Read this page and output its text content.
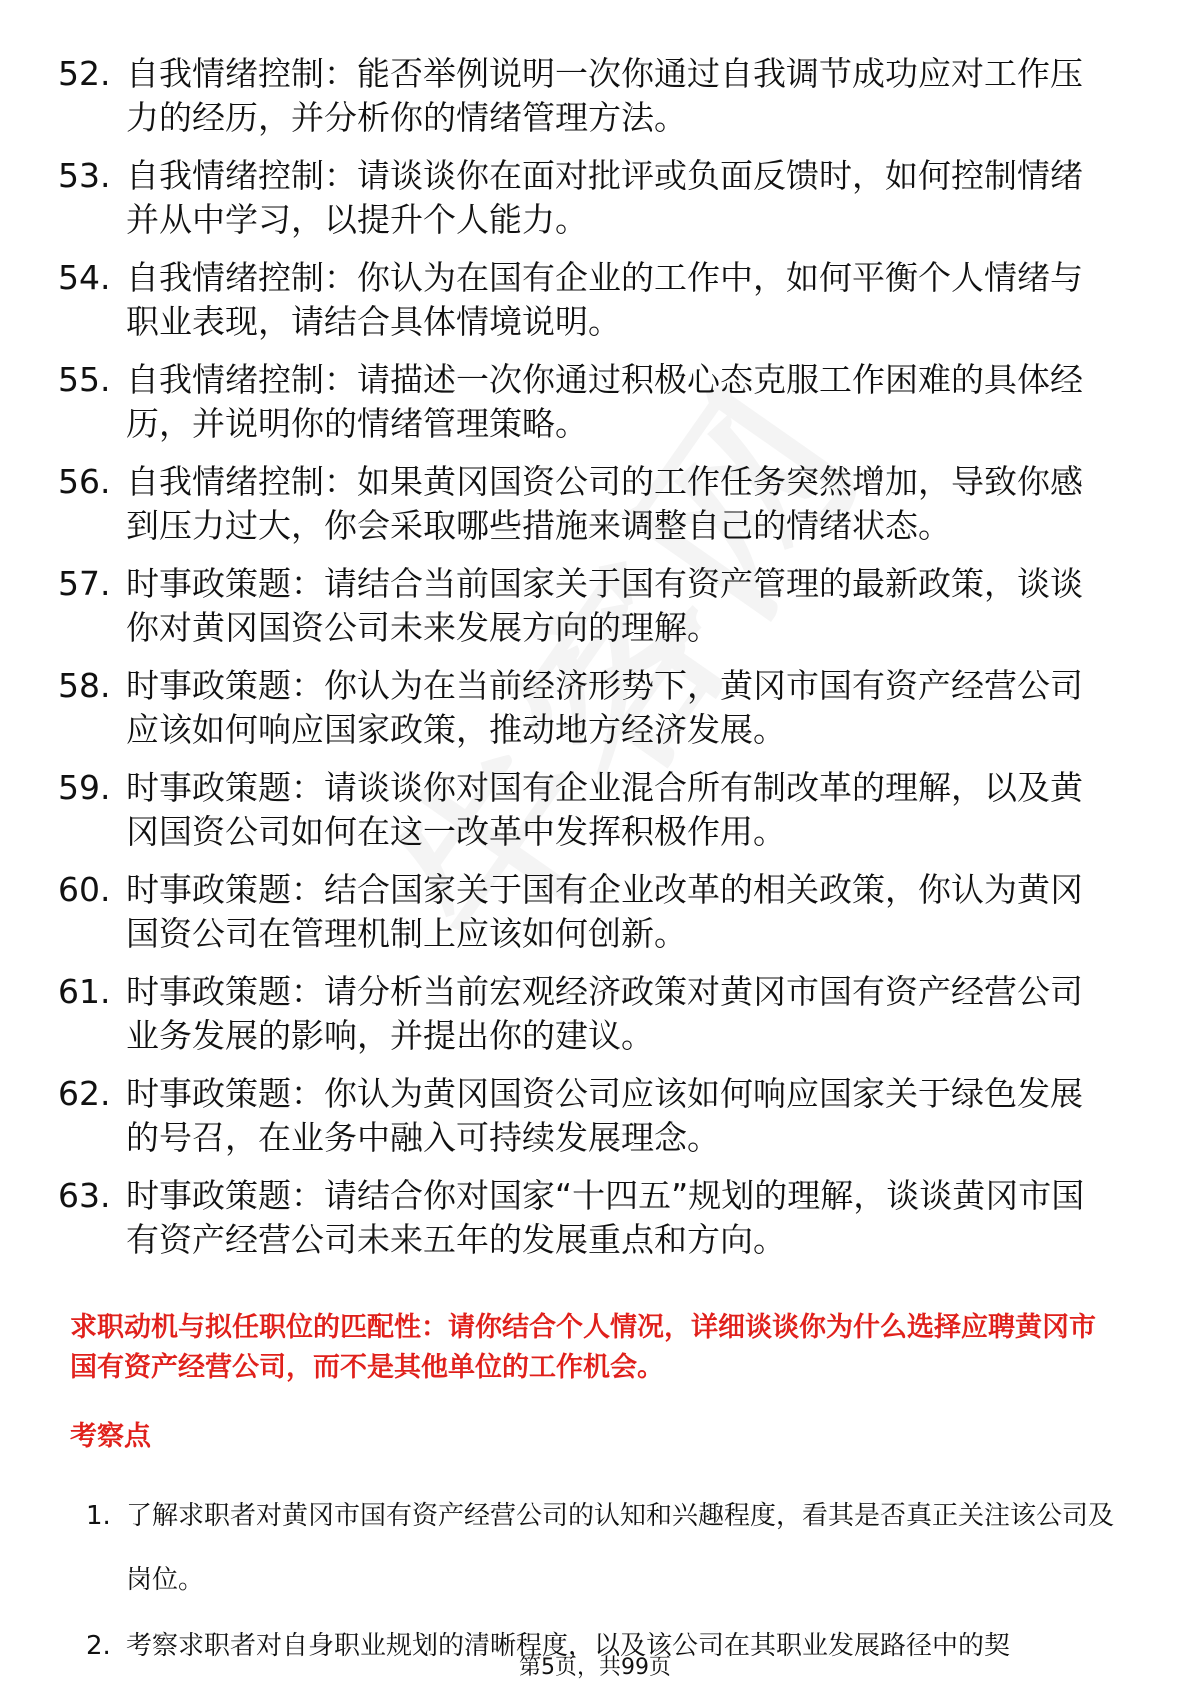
52. 自我情绪控制：能否举例说明一次你通过自我调节成功应对工作压力的经历，并分析你的情绪管理方法。
53. 自我情绪控制：请谈谈你在面对批评或负面反馈时，如何控制情绪并从中学习，以提升个人能力。
54. 自我情绪控制：你认为在国有企业的工作中，如何平衡个人情绪与职业表现，请结合具体情境说明。
55. 自我情绪控制：请描述一次你通过积极心态克服工作困难的具体经历，并说明你的情绪管理策略。
56. 自我情绪控制：如果黄冈国资公司的工作任务突然增加，导致你感到压力过大，你会采取哪些措施来调整自己的情绪状态。
57. 时事政策题：请结合当前国家关于国有资产管理的最新政策，谈谈你对黄冈国资公司未来发展方向的理解。
58. 时事政策题：你认为在当前经济形势下，黄冈市国有资产经营公司应该如何响应国家政策，推动地方经济发展。
59. 时事政策题：请谈谈你对国有企业混合所有制改革的理解，以及黄冈国资公司如何在这一改革中发挥积极作用。
60. 时事政策题：结合国家关于国有企业改革的相关政策，你认为黄冈国资公司在管理机制上应该如何创新。
61. 时事政策题：请分析当前宏观经济政策对黄冈市国有资产经营公司业务发展的影响，并提出你的建议。
62. 时事政策题：你认为黄冈国资公司应该如何响应国家关于绿色发展的号召，在业务中融入可持续发展理念。
63. 时事政策题：请结合你对国家“十四五”规划的理解，谈谈黄冈市国有资产经营公司未来五年的发展重点和方向。
求职动机与拟任职位的匹配性：请你结合个人情况，详细谈谈你为什么选择应聘黄冈市国有资产经营公司，而不是其他单位的工作机会。
考察点
1. 了解求职者对黄冈市国有资产经营公司的认知和兴趣程度，看其是否真正关注该公司及岗位。
2. 考察求职者对自身职业规划的清晰程度，以及该公司在其职业发展路径中的契
第5页，共99页
